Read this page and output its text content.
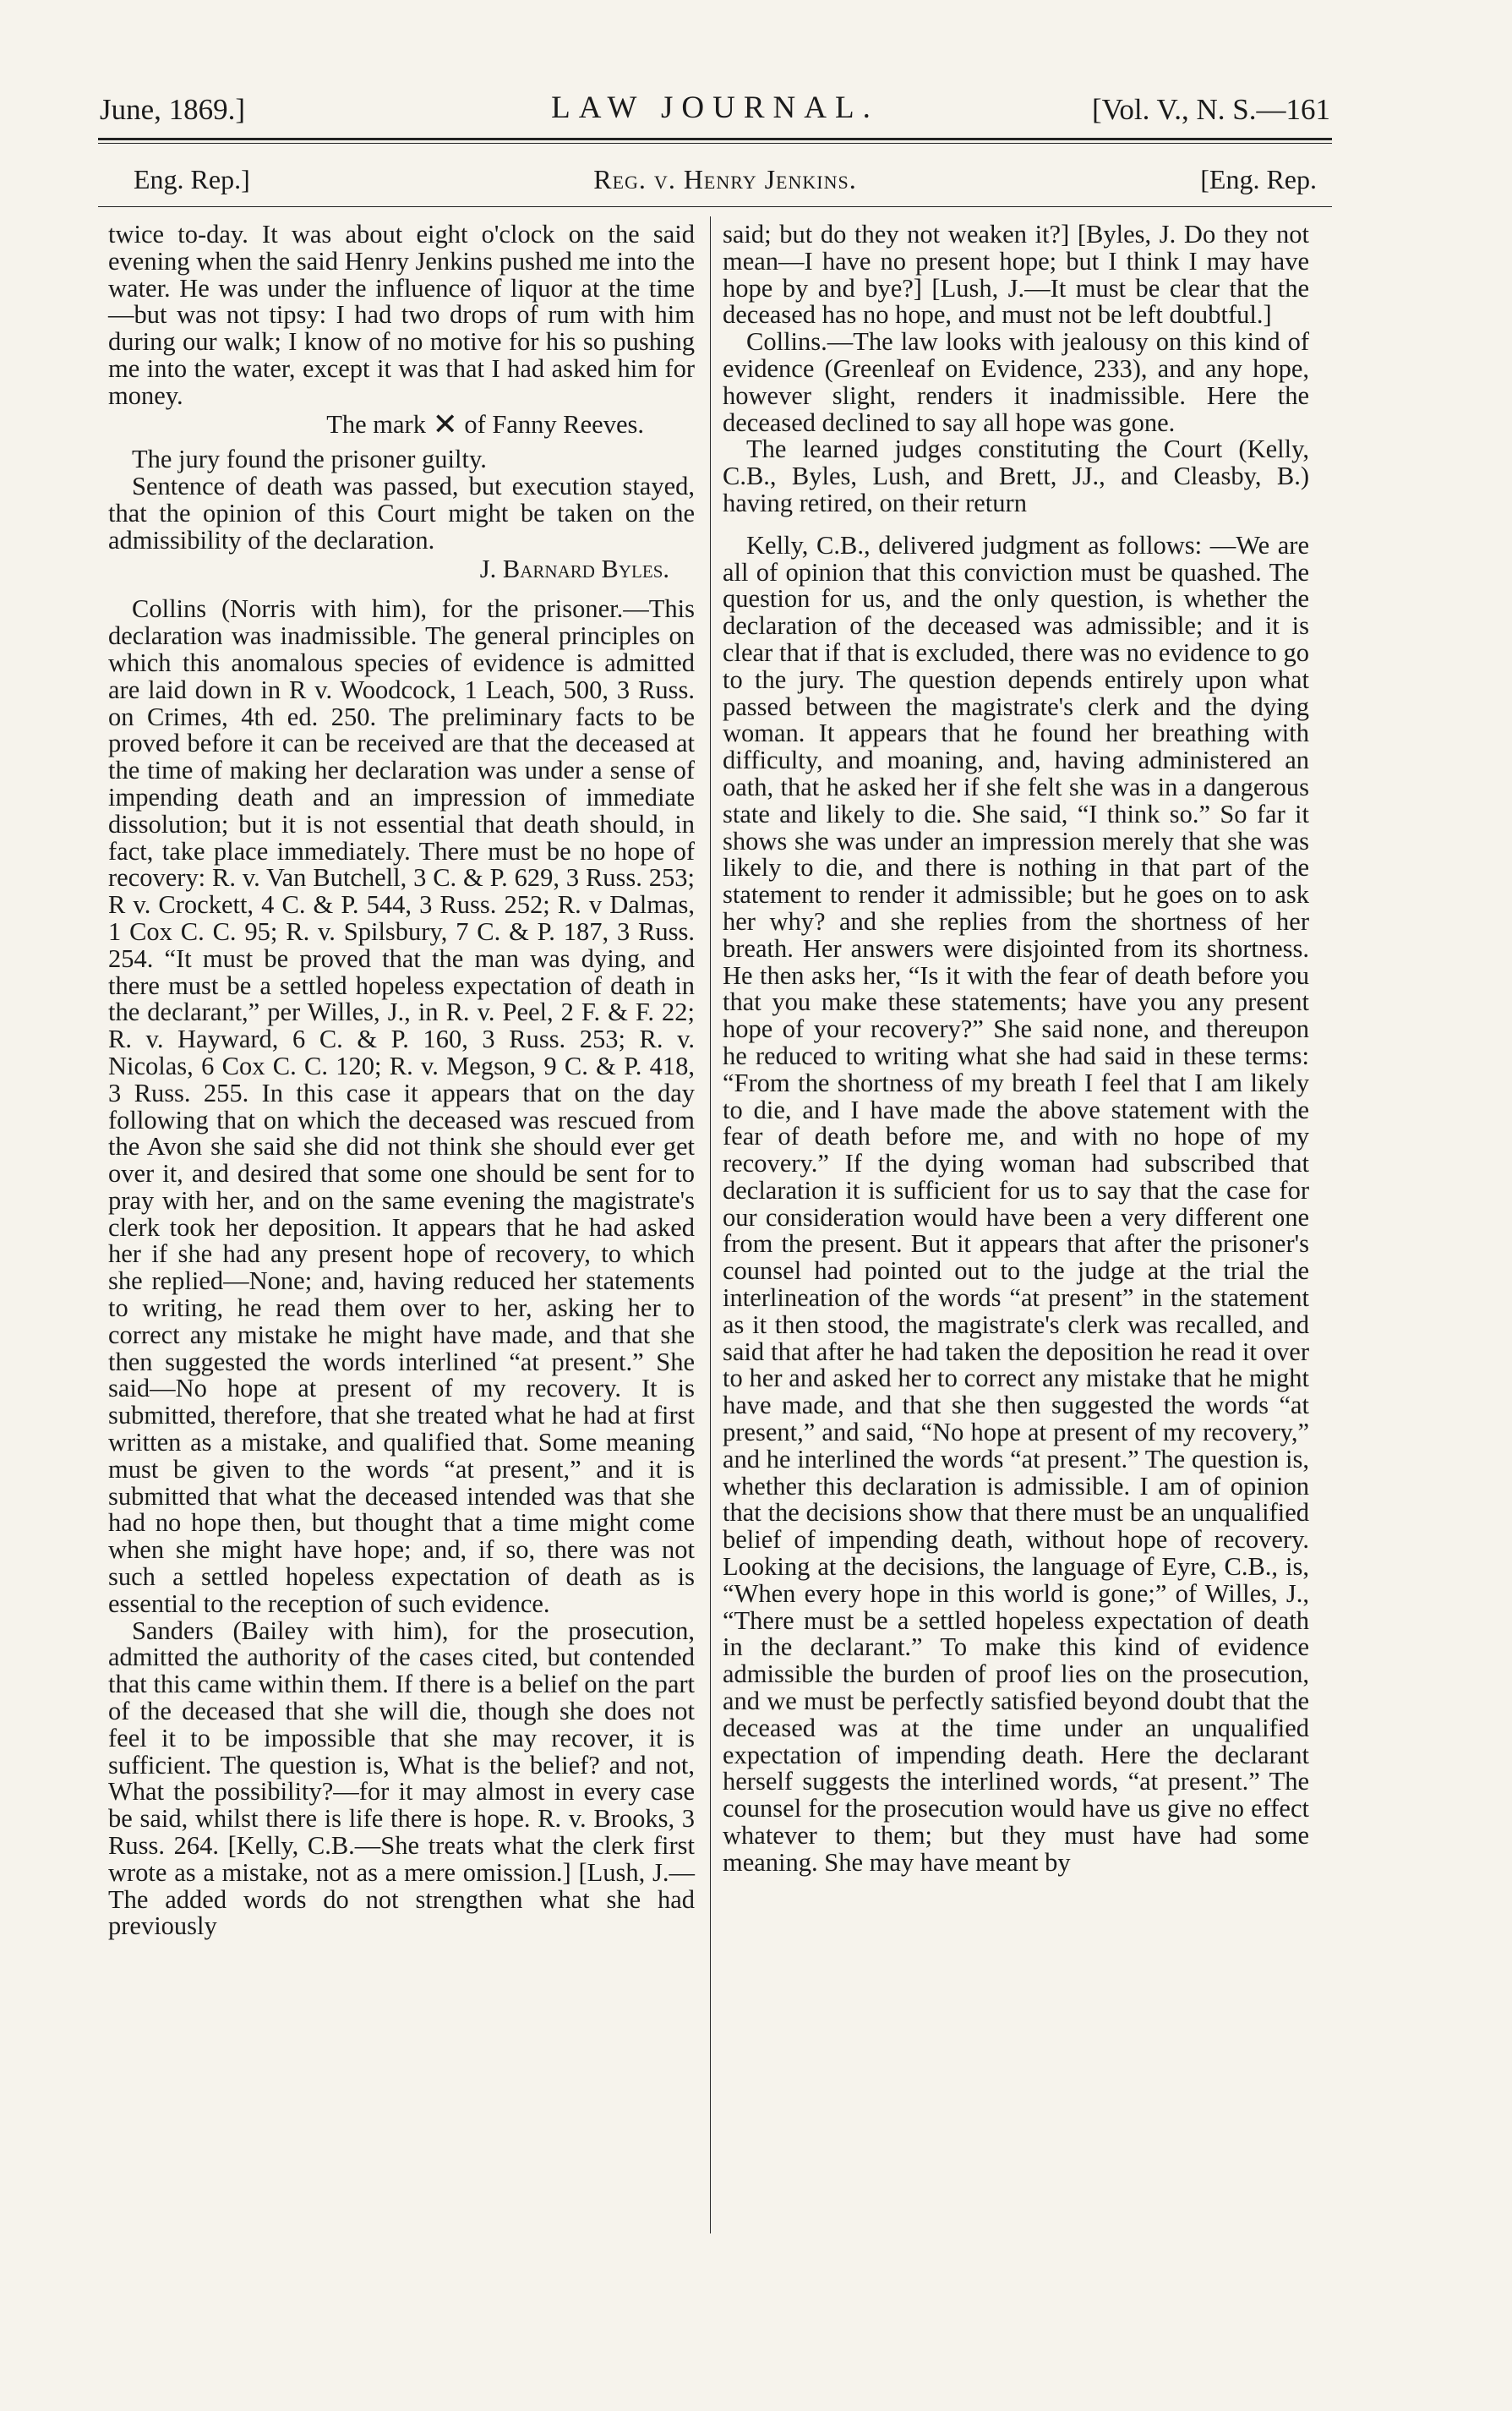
June, 1869.]	LAW JOURNAL.	[Vol. V., N. S.—161
Eng. Rep.]	Reg. v. Henry Jenkins.	[Eng. Rep.

twice to-day. It was about eight o'clock on the said evening when the said Henry Jenkins pushed me into the water. He was under the influence of liquor at the time—but was not tipsy: I had two drops of rum with him during our walk; I know of no motive for his so pushing me into the water, except it was that I had asked him for money.

The mark ✕ of Fanny Reeves.

The jury found the prisoner guilty.

Sentence of death was passed, but execution stayed, that the opinion of this Court might be taken on the admissibility of the declaration.

J. Barnard Byles.

Collins (Norris with him), for the prisoner.—This declaration was inadmissible. The general principles on which this anomalous species of evidence is admitted are laid down in R v. Woodcock, 1 Leach, 500, 3 Russ. on Crimes, 4th ed. 250. The preliminary facts to be proved before it can be received are that the deceased at the time of making her declaration was under a sense of impending death and an impression of immediate dissolution; but it is not essential that death should, in fact, take place immediately. There must be no hope of recovery: R. v. Van Butchell, 3 C. & P. 629, 3 Russ. 253; R v. Crockett, 4 C. & P. 544, 3 Russ. 252; R. v Dalmas, 1 Cox C. C. 95; R. v. Spilsbury, 7 C. & P. 187, 3 Russ. 254. “It must be proved that the man was dying, and there must be a settled hopeless expectation of death in the declarant,” per Willes, J., in R. v. Peel, 2 F. & F. 22; R. v. Hayward, 6 C. & P. 160, 3 Russ. 253; R. v. Nicolas, 6 Cox C. C. 120; R. v. Megson, 9 C. & P. 418, 3 Russ. 255. In this case it appears that on the day following that on which the deceased was rescued from the Avon she said she did not think she should ever get over it, and desired that some one should be sent for to pray with her, and on the same evening the magistrate's clerk took her deposition. It appears that he had asked her if she had any present hope of recovery, to which she replied—None; and, having reduced her statements to writing, he read them over to her, asking her to correct any mistake he might have made, and that she then suggested the words interlined “at present.” She said—No hope at present of my recovery. It is submitted, therefore, that she treated what he had at first written as a mistake, and qualified that. Some meaning must be given to the words “at present,” and it is submitted that what the deceased intended was that she had no hope then, but thought that a time might come when she might have hope; and, if so, there was not such a settled hopeless expectation of death as is essential to the reception of such evidence.

Sanders (Bailey with him), for the prosecution, admitted the authority of the cases cited, but contended that this came within them. If there is a belief on the part of the deceased that she will die, though she does not feel it to be impossible that she may recover, it is sufficient. The question is, What is the belief? and not, What the possibility?—for it may almost in every case be said, whilst there is life there is hope. R. v. Brooks, 3 Russ. 264. [Kelly, C.B.—She treats what the clerk first wrote as a mistake, not as a mere omission.] [Lush, J.—The added words do not strengthen what she had previously

said; but do they not weaken it?] [Byles, J. Do they not mean—I have no present hope; but I think I may have hope by and bye?] [Lush, J.—It must be clear that the deceased has no hope, and must not be left doubtful.]

Collins.—The law looks with jealousy on this kind of evidence (Greenleaf on Evidence, 233), and any hope, however slight, renders it inadmissible. Here the deceased declined to say all hope was gone.

The learned judges constituting the Court (Kelly, C.B., Byles, Lush, and Brett, JJ., and Cleasby, B.) having retired, on their return

Kelly, C.B., delivered judgment as follows: —We are all of opinion that this conviction must be quashed. The question for us, and the only question, is whether the declaration of the deceased was admissible; and it is clear that if that is excluded, there was no evidence to go to the jury. The question depends entirely upon what passed between the magistrate's clerk and the dying woman. It appears that he found her breathing with difficulty, and moaning, and, having administered an oath, that he asked her if she felt she was in a dangerous state and likely to die. She said, “I think so.” So far it shows she was under an impression merely that she was likely to die, and there is nothing in that part of the statement to render it admissible; but he goes on to ask her why? and she replies from the shortness of her breath. Her answers were disjointed from its shortness. He then asks her, “Is it with the fear of death before you that you make these statements; have you any present hope of your recovery?” She said none, and thereupon he reduced to writing what she had said in these terms: “From the shortness of my breath I feel that I am likely to die, and I have made the above statement with the fear of death before me, and with no hope of my recovery.” If the dying woman had subscribed that declaration it is sufficient for us to say that the case for our consideration would have been a very different one from the present. But it appears that after the prisoner's counsel had pointed out to the judge at the trial the interlineation of the words “at present” in the statement as it then stood, the magistrate's clerk was recalled, and said that after he had taken the deposition he read it over to her and asked her to correct any mistake that he might have made, and that she then suggested the words “at present,” and said, “No hope at present of my recovery,” and he interlined the words “at present.” The question is, whether this declaration is admissible. I am of opinion that the decisions show that there must be an unqualified belief of impending death, without hope of recovery. Looking at the decisions, the language of Eyre, C.B., is, “When every hope in this world is gone;” of Willes, J., “There must be a settled hopeless expectation of death in the declarant.” To make this kind of evidence admissible the burden of proof lies on the prosecution, and we must be perfectly satisfied beyond doubt that the deceased was at the time under an unqualified expectation of impending death. Here the declarant herself suggests the interlined words, “at present.” The counsel for the prosecution would have us give no effect whatever to them; but they must have had some meaning. She may have meant by
